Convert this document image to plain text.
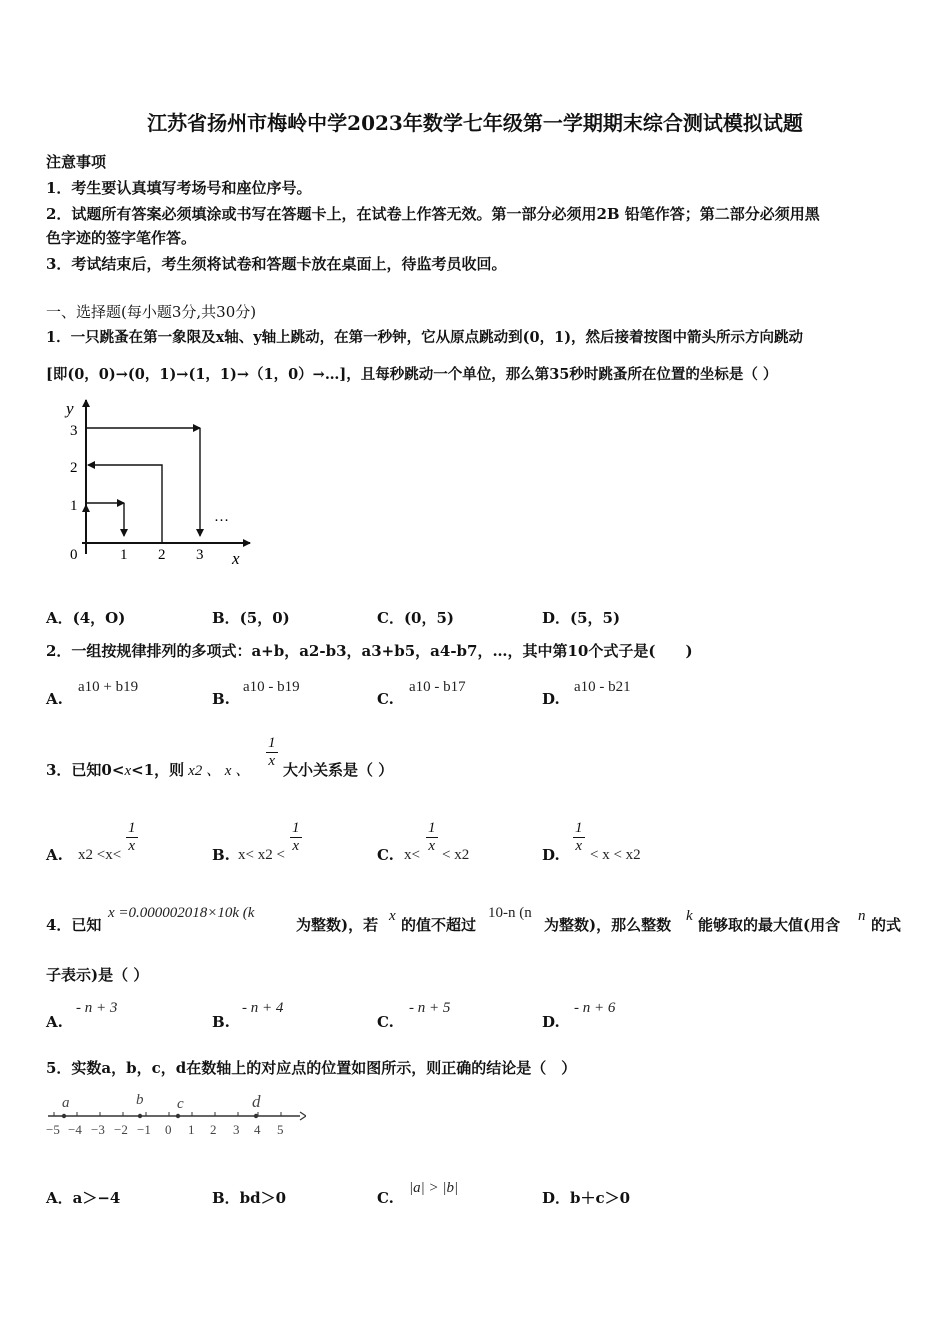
江苏省扬州市梅岭中学2023年数学七年级第一学期期末综合测试模拟试题
注意事项
1．考生要认真填写考场号和座位序号。
2．试题所有答案必须填涂或书写在答题卡上，在试卷上作答无效。第一部分必须用2B 铅笔作答；第二部分必须用黑
色字迹的签字笔作答。
3．考试结束后，考生须将试卷和答题卡放在桌面上，待监考员收回。
一、选择题(每小题3分,共30分)
1．一只跳蚤在第一象限及x轴、y轴上跳动，在第一秒钟，它从原点跳动到(0，1)，然后接着按图中箭头所示方向跳动
[即(0，0)→(0，1)→(1，1)→（1，0）→…]，且每秒跳动一个单位，那么第35秒时跳蚤所在位置的坐标是（ ）
y
x
3
2
1
0	1 2 3
…
A．(4，O)	B．(5，0)	C．(0，5)	D．(5，5)
2．一组按规律排列的多项式：a+b，a2-b3，a3+b5，a4-b7，…，其中第10个式子是(　　)
A.
a10 + b19
B.
a10 - b19
C.
a10 - b17
D.
a10 - b21
3．已知0<x<1，则 x2 、 x 、
$\frac{1}{x}$ 大小关系是（ ）
A. $x2 <x< \frac{1}{x}$	B. $x< x2 < \frac{1}{x}$	C. $x< \frac{1}{x} < x2$	D. $\frac{1}{x} < x < x2$
4．已知
x =0.000002018×10k (k
为整数)，若 x 的值不超过
10-n (n
为整数)，那么整数 k 能够取的最大值(用含 n 的式
子表示)是（ ）
A.
- n + 3
B.
- n + 4
C.
- n + 5
D.
- n + 6
5．实数a，b，c，d在数轴上的对应点的位置如图所示，则正确的结论是（　）
a	b c	d
−5 −4 −3 −2 −1 0 1 2 3 4 5
A．a＞−4	B．bd＞0	C.
|a| > |b|
D．b＋c＞0
